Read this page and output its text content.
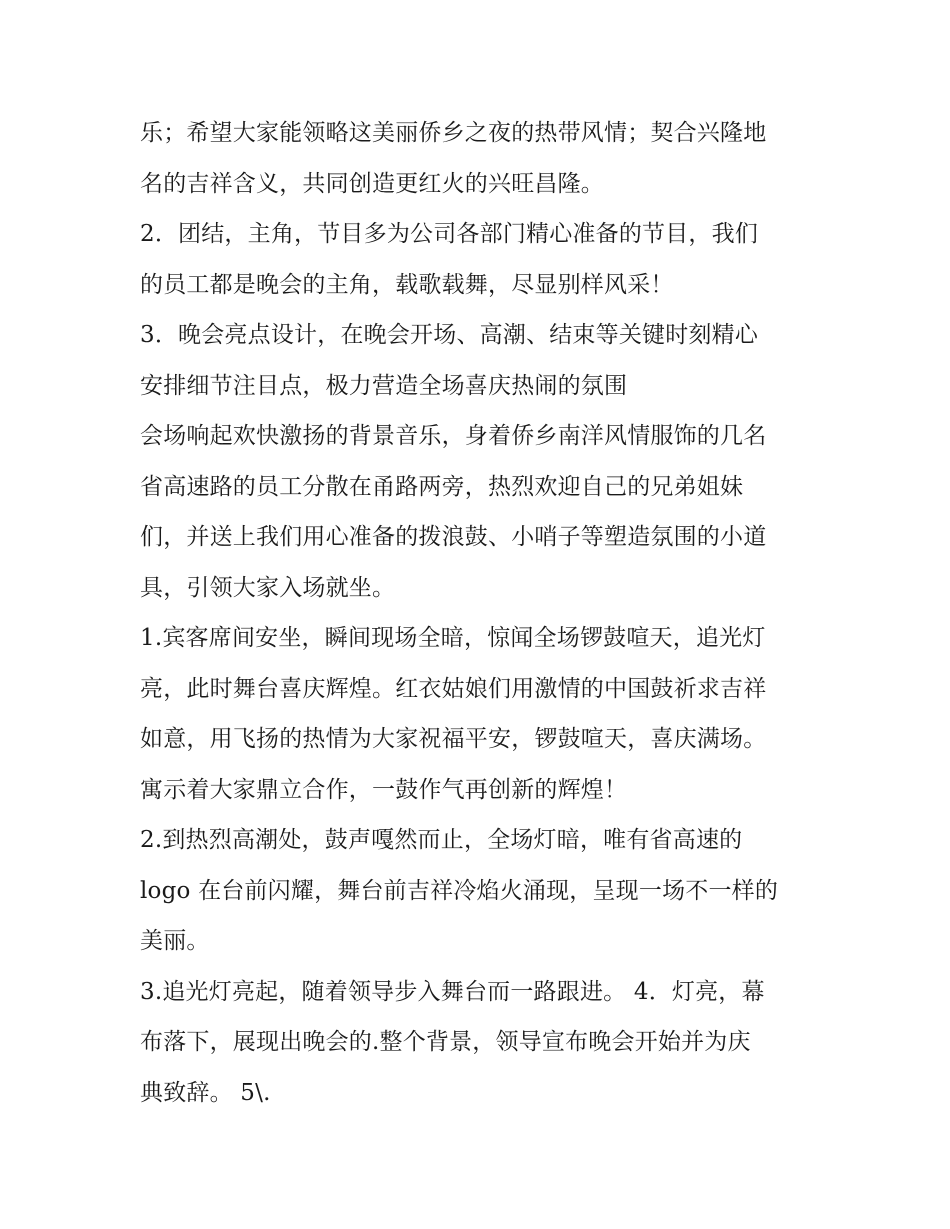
乐；希望大家能领略这美丽侨乡之夜的热带风情；契合兴隆地
名的吉祥含义，共同创造更红火的兴旺昌隆。
2．团结，主角，节目多为公司各部门精心准备的节目，我们
的员工都是晚会的主角，载歌载舞，尽显别样风采！
3．晚会亮点设计，在晚会开场、高潮、结束等关键时刻精心
安排细节注目点，极力营造全场喜庆热闹的氛围
会场响起欢快激扬的背景音乐，身着侨乡南洋风情服饰的几名
省高速路的员工分散在甬路两旁，热烈欢迎自己的兄弟姐妹
们，并送上我们用心准备的拨浪鼓、小哨子等塑造氛围的小道
具，引领大家入场就坐。
1.宾客席间安坐，瞬间现场全暗，惊闻全场锣鼓喧天，追光灯
亮，此时舞台喜庆辉煌。红衣姑娘们用激情的中国鼓祈求吉祥
如意，用飞扬的热情为大家祝福平安，锣鼓喧天，喜庆满场。
寓示着大家鼎立合作，一鼓作气再创新的辉煌！
2.到热烈高潮处，鼓声嘎然而止，全场灯暗，唯有省高速的
logo 在台前闪耀，舞台前吉祥冷焰火涌现，呈现一场不一样的
美丽。
3.追光灯亮起，随着领导步入舞台而一路跟进。 4．灯亮，幕
布落下，展现出晚会的.整个背景，领导宣布晚会开始并为庆
典致辞。 5\.
